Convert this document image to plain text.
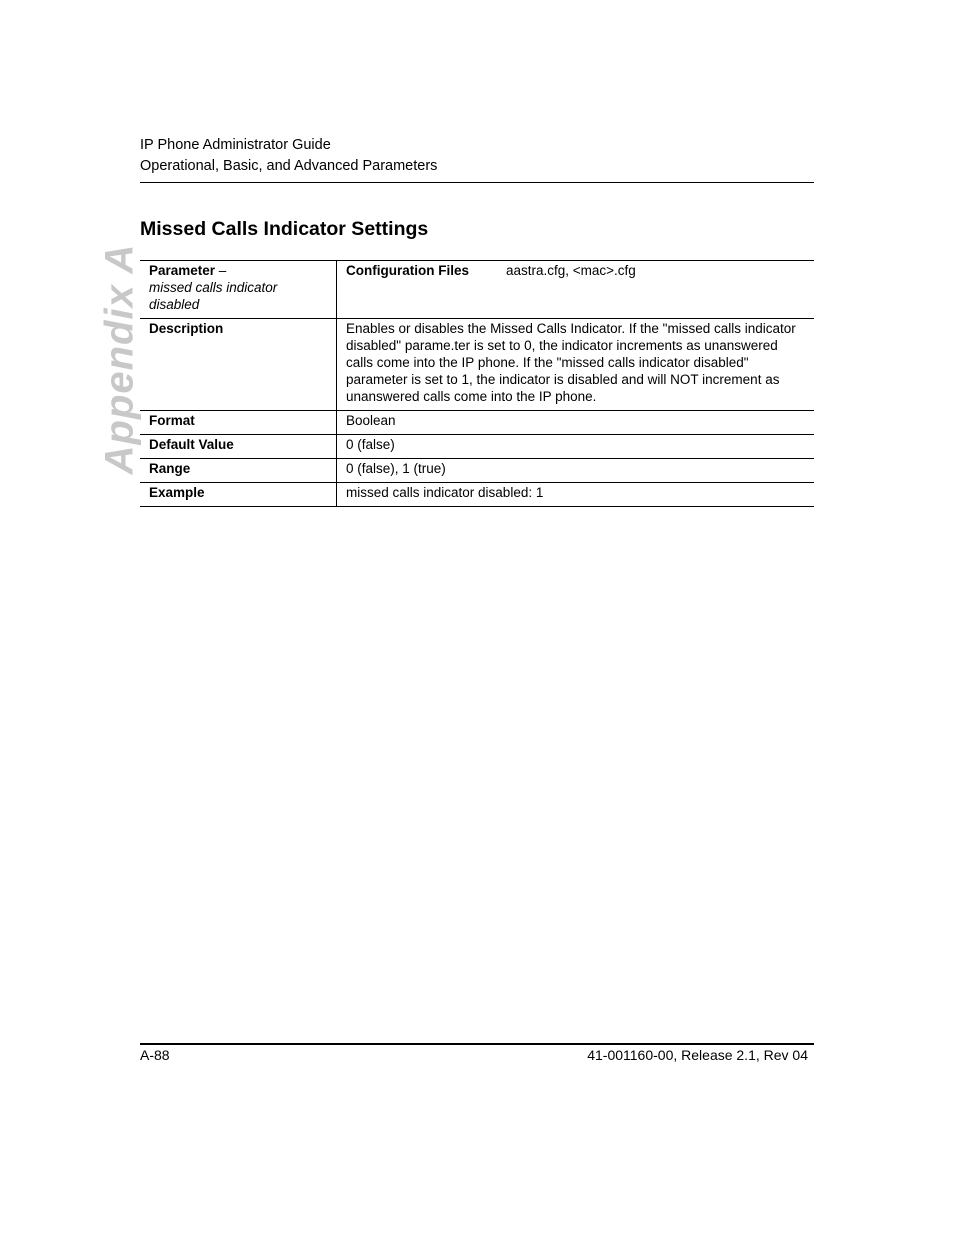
IP Phone Administrator Guide
Operational, Basic, and Advanced Parameters
Appendix A
Missed Calls Indicator Settings
Parameter –
missed calls indicator disabled	Configuration Files aastra.cfg, <mac>.cfg
Description	Enables or disables the Missed Calls Indicator. If the "missed calls indicator disabled" parame.ter is set to 0, the indicator increments as unanswered calls come into the IP phone. If the "missed calls indicator disabled" parameter is set to 1, the indicator is disabled and will NOT increment as unanswered calls come into the IP phone.
Format	Boolean
Default Value	0 (false)
Range	0 (false), 1 (true)
Example	missed calls indicator disabled: 1
A-88	41-001160-00, Release 2.1, Rev 04
